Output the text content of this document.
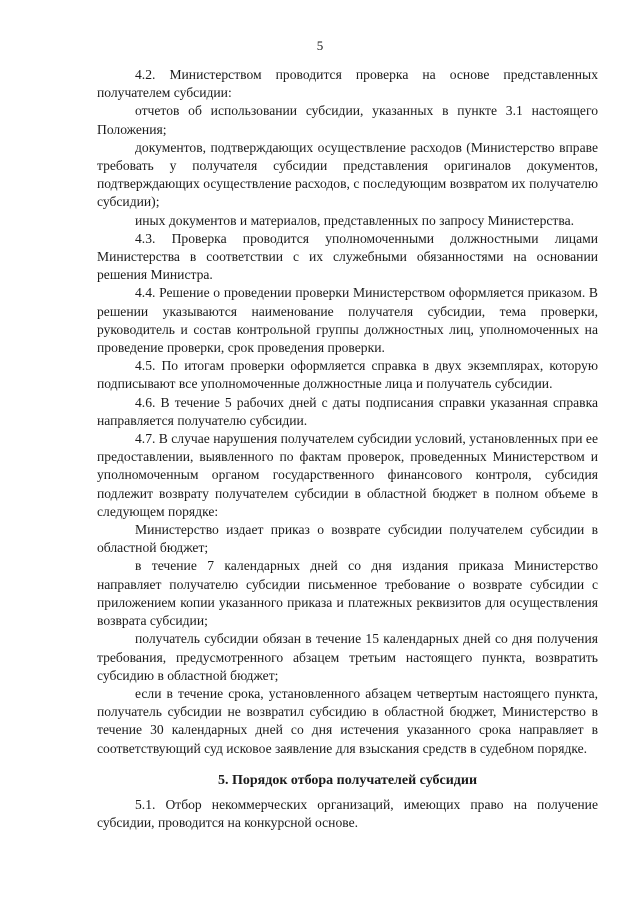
5

4.2. Министерством проводится проверка на основе представленных получателем субсидии:

отчетов об использовании субсидии, указанных в пункте 3.1 настоящего Положения;

документов, подтверждающих осуществление расходов (Министерство вправе требовать у получателя субсидии представления оригиналов документов, подтверждающих осуществление расходов, с последующим возвратом их получателю субсидии);

иных документов и материалов, представленных по запросу Министерства.

4.3. Проверка проводится уполномоченными должностными лицами Министерства в соответствии с их служебными обязанностями на основании решения Министра.

4.4. Решение о проведении проверки Министерством оформляется приказом. В решении указываются наименование получателя субсидии, тема проверки, руководитель и состав контрольной группы должностных лиц, уполномоченных на проведение проверки, срок проведения проверки.

4.5. По итогам проверки оформляется справка в двух экземплярах, которую подписывают все уполномоченные должностные лица и получатель субсидии.

4.6. В течение 5 рабочих дней с даты подписания справки указанная справка направляется получателю субсидии.

4.7. В случае нарушения получателем субсидии условий, установленных при ее предоставлении, выявленного по фактам проверок, проведенных Министерством и уполномоченным органом государственного финансового контроля, субсидия подлежит возврату получателем субсидии в областной бюджет в полном объеме в следующем порядке:

Министерство издает приказ о возврате субсидии получателем субсидии в областной бюджет;

в течение 7 календарных дней со дня издания приказа Министерство направляет получателю субсидии письменное требование о возврате субсидии с приложением копии указанного приказа и платежных реквизитов для осуществления возврата субсидии;

получатель субсидии обязан в течение 15 календарных дней со дня получения требования, предусмотренного абзацем третьим настоящего пункта, возвратить субсидию в областной бюджет;

если в течение срока, установленного абзацем четвертым настоящего пункта, получатель субсидии не возвратил субсидию в областной бюджет, Министерство в течение 30 календарных дней со дня истечения указанного срока направляет в соответствующий суд исковое заявление для взыскания средств в судебном порядке.

5. Порядок отбора получателей субсидии

5.1. Отбор некоммерческих организаций, имеющих право на получение субсидии, проводится на конкурсной основе.
